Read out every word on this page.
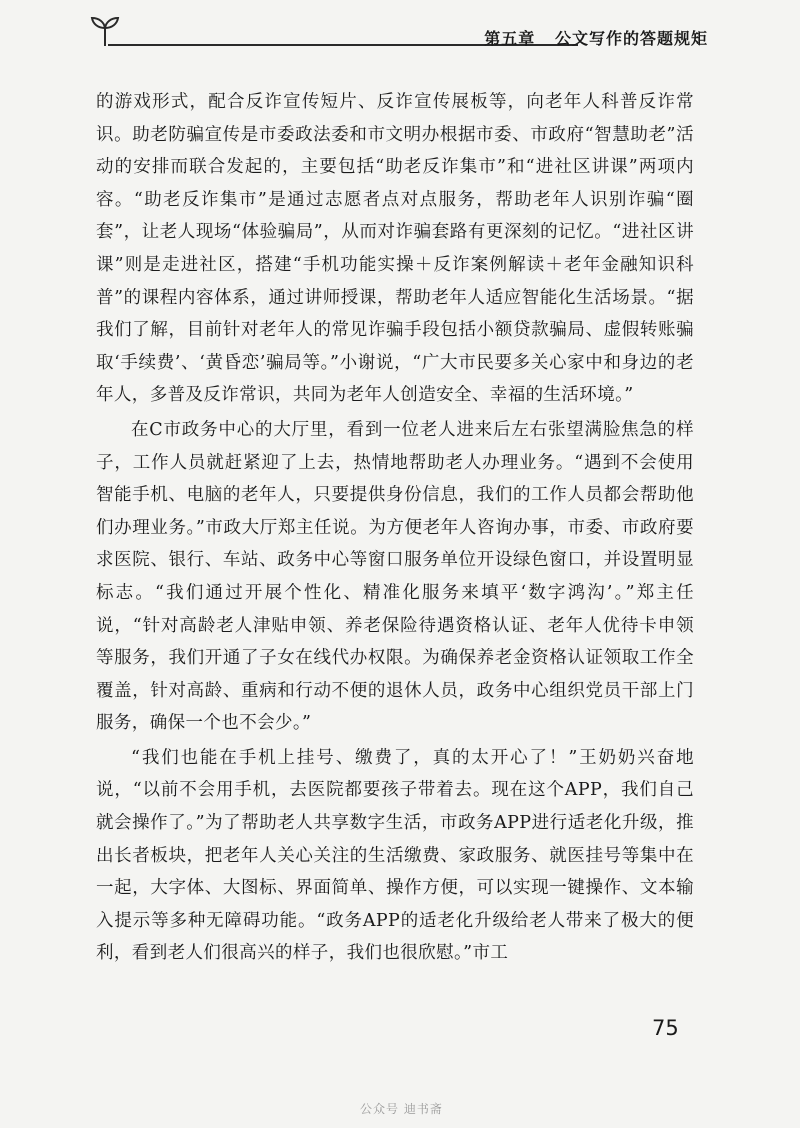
第五章 公文写作的答题规矩

的游戏形式，配合反诈宣传短片、反诈宣传展板等，向老年人科普反诈常识。助老防骗宣传是市委政法委和市文明办根据市委、市政府“智慧助老”活动的安排而联合发起的，主要包括“助老反诈集市”和“进社区讲课”两项内容。“助老反诈集市”是通过志愿者点对点服务，帮助老年人识别诈骗“圈套”，让老人现场“体验骗局”，从而对诈骗套路有更深刻的记忆。“进社区讲课”则是走进社区，搭建“手机功能实操＋反诈案例解读＋老年金融知识科普”的课程内容体系，通过讲师授课，帮助老年人适应智能化生活场景。“据我们了解，目前针对老年人的常见诈骗手段包括小额贷款骗局、虚假转账骗取‘手续费’、‘黄昏恋’骗局等。”小谢说，“广大市民要多关心家中和身边的老年人，多普及反诈常识，共同为老年人创造安全、幸福的生活环境。”

在C市政务中心的大厅里，看到一位老人进来后左右张望满脸焦急的样子，工作人员就赶紧迎了上去，热情地帮助老人办理业务。“遇到不会使用智能手机、电脑的老年人，只要提供身份信息，我们的工作人员都会帮助他们办理业务。”市政大厅郑主任说。为方便老年人咨询办事，市委、市政府要求医院、银行、车站、政务中心等窗口服务单位开设绿色窗口，并设置明显标志。“我们通过开展个性化、精准化服务来填平‘数字鸿沟’。”郑主任说，“针对高龄老人津贴申领、养老保险待遇资格认证、老年人优待卡申领等服务，我们开通了子女在线代办权限。为确保养老金资格认证领取工作全覆盖，针对高龄、重病和行动不便的退休人员，政务中心组织党员干部上门服务，确保一个也不会少。”

“我们也能在手机上挂号、缴费了，真的太开心了！”王奶奶兴奋地说，“以前不会用手机，去医院都要孩子带着去。现在这个APP，我们自己就会操作了。”为了帮助老人共享数字生活，市政务APP进行适老化升级，推出长者板块，把老年人关心关注的生活缴费、家政服务、就医挂号等集中在一起，大字体、大图标、界面简单、操作方便，可以实现一键操作、文本输入提示等多种无障碍功能。“政务APP的适老化升级给老人带来了极大的便利，看到老人们很高兴的样子，我们也很欣慰。”市工

75
公众号 迪书斋
